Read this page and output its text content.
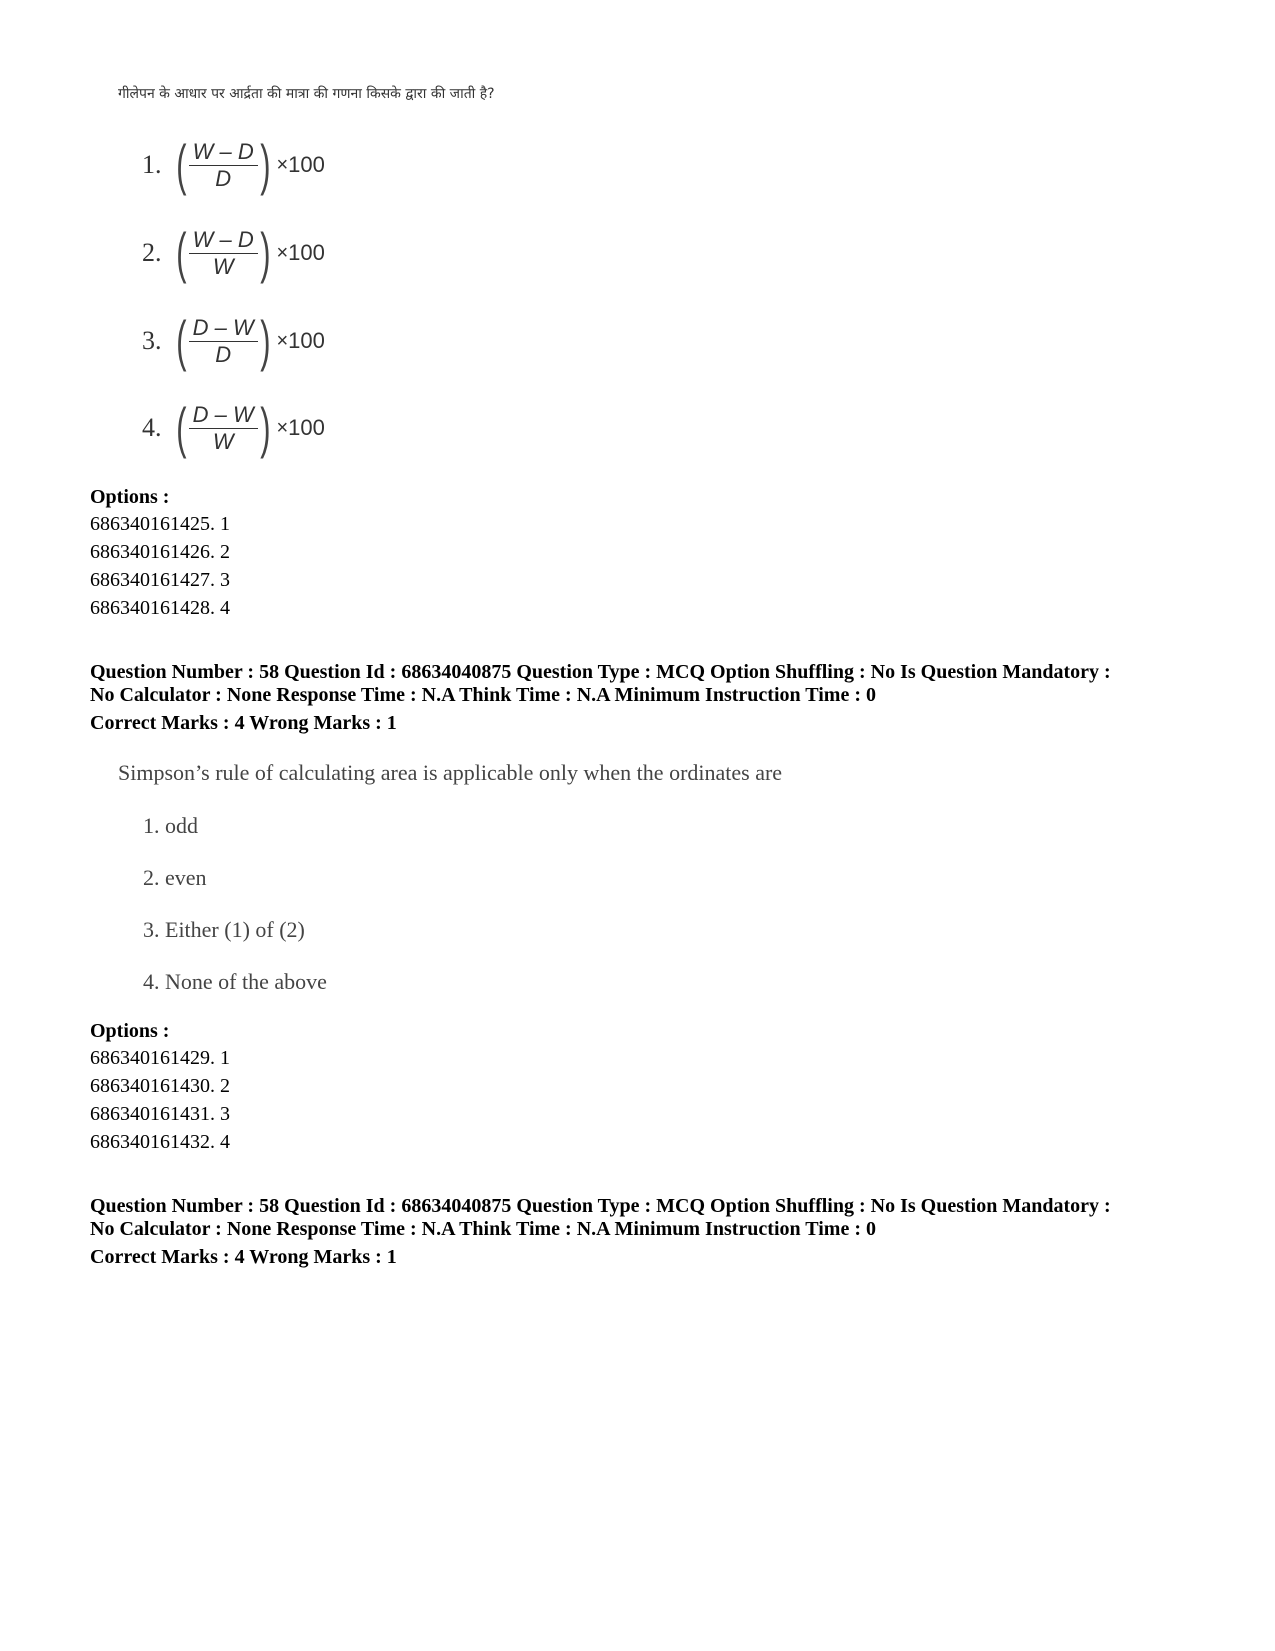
गीलेपन के आधार पर आर्द्रता की मात्रा की गणना किसके द्वारा की जाती है?
1. ( $\frac{W - D}{D}$ ) × 100
2. ( $\frac{W - D}{W}$ ) × 100
3. ( $\frac{D - W}{D}$ ) × 100
4. ( $\frac{D - W}{W}$ ) × 100
Options :
686340161425. 1
686340161426. 2
686340161427. 3
686340161428. 4
Question Number : 58 Question Id : 68634040875 Question Type : MCQ Option Shuffling : No Is Question Mandatory :
No Calculator : None Response Time : N.A Think Time : N.A Minimum Instruction Time : 0
Correct Marks : 4 Wrong Marks : 1
Simpson’s rule of calculating area is applicable only when the ordinates are
1. odd
2. even
3. Either (1) of (2)
4. None of the above
Options :
686340161429. 1
686340161430. 2
686340161431. 3
686340161432. 4
Question Number : 58 Question Id : 68634040875 Question Type : MCQ Option Shuffling : No Is Question Mandatory :
No Calculator : None Response Time : N.A Think Time : N.A Minimum Instruction Time : 0
Correct Marks : 4 Wrong Marks : 1
